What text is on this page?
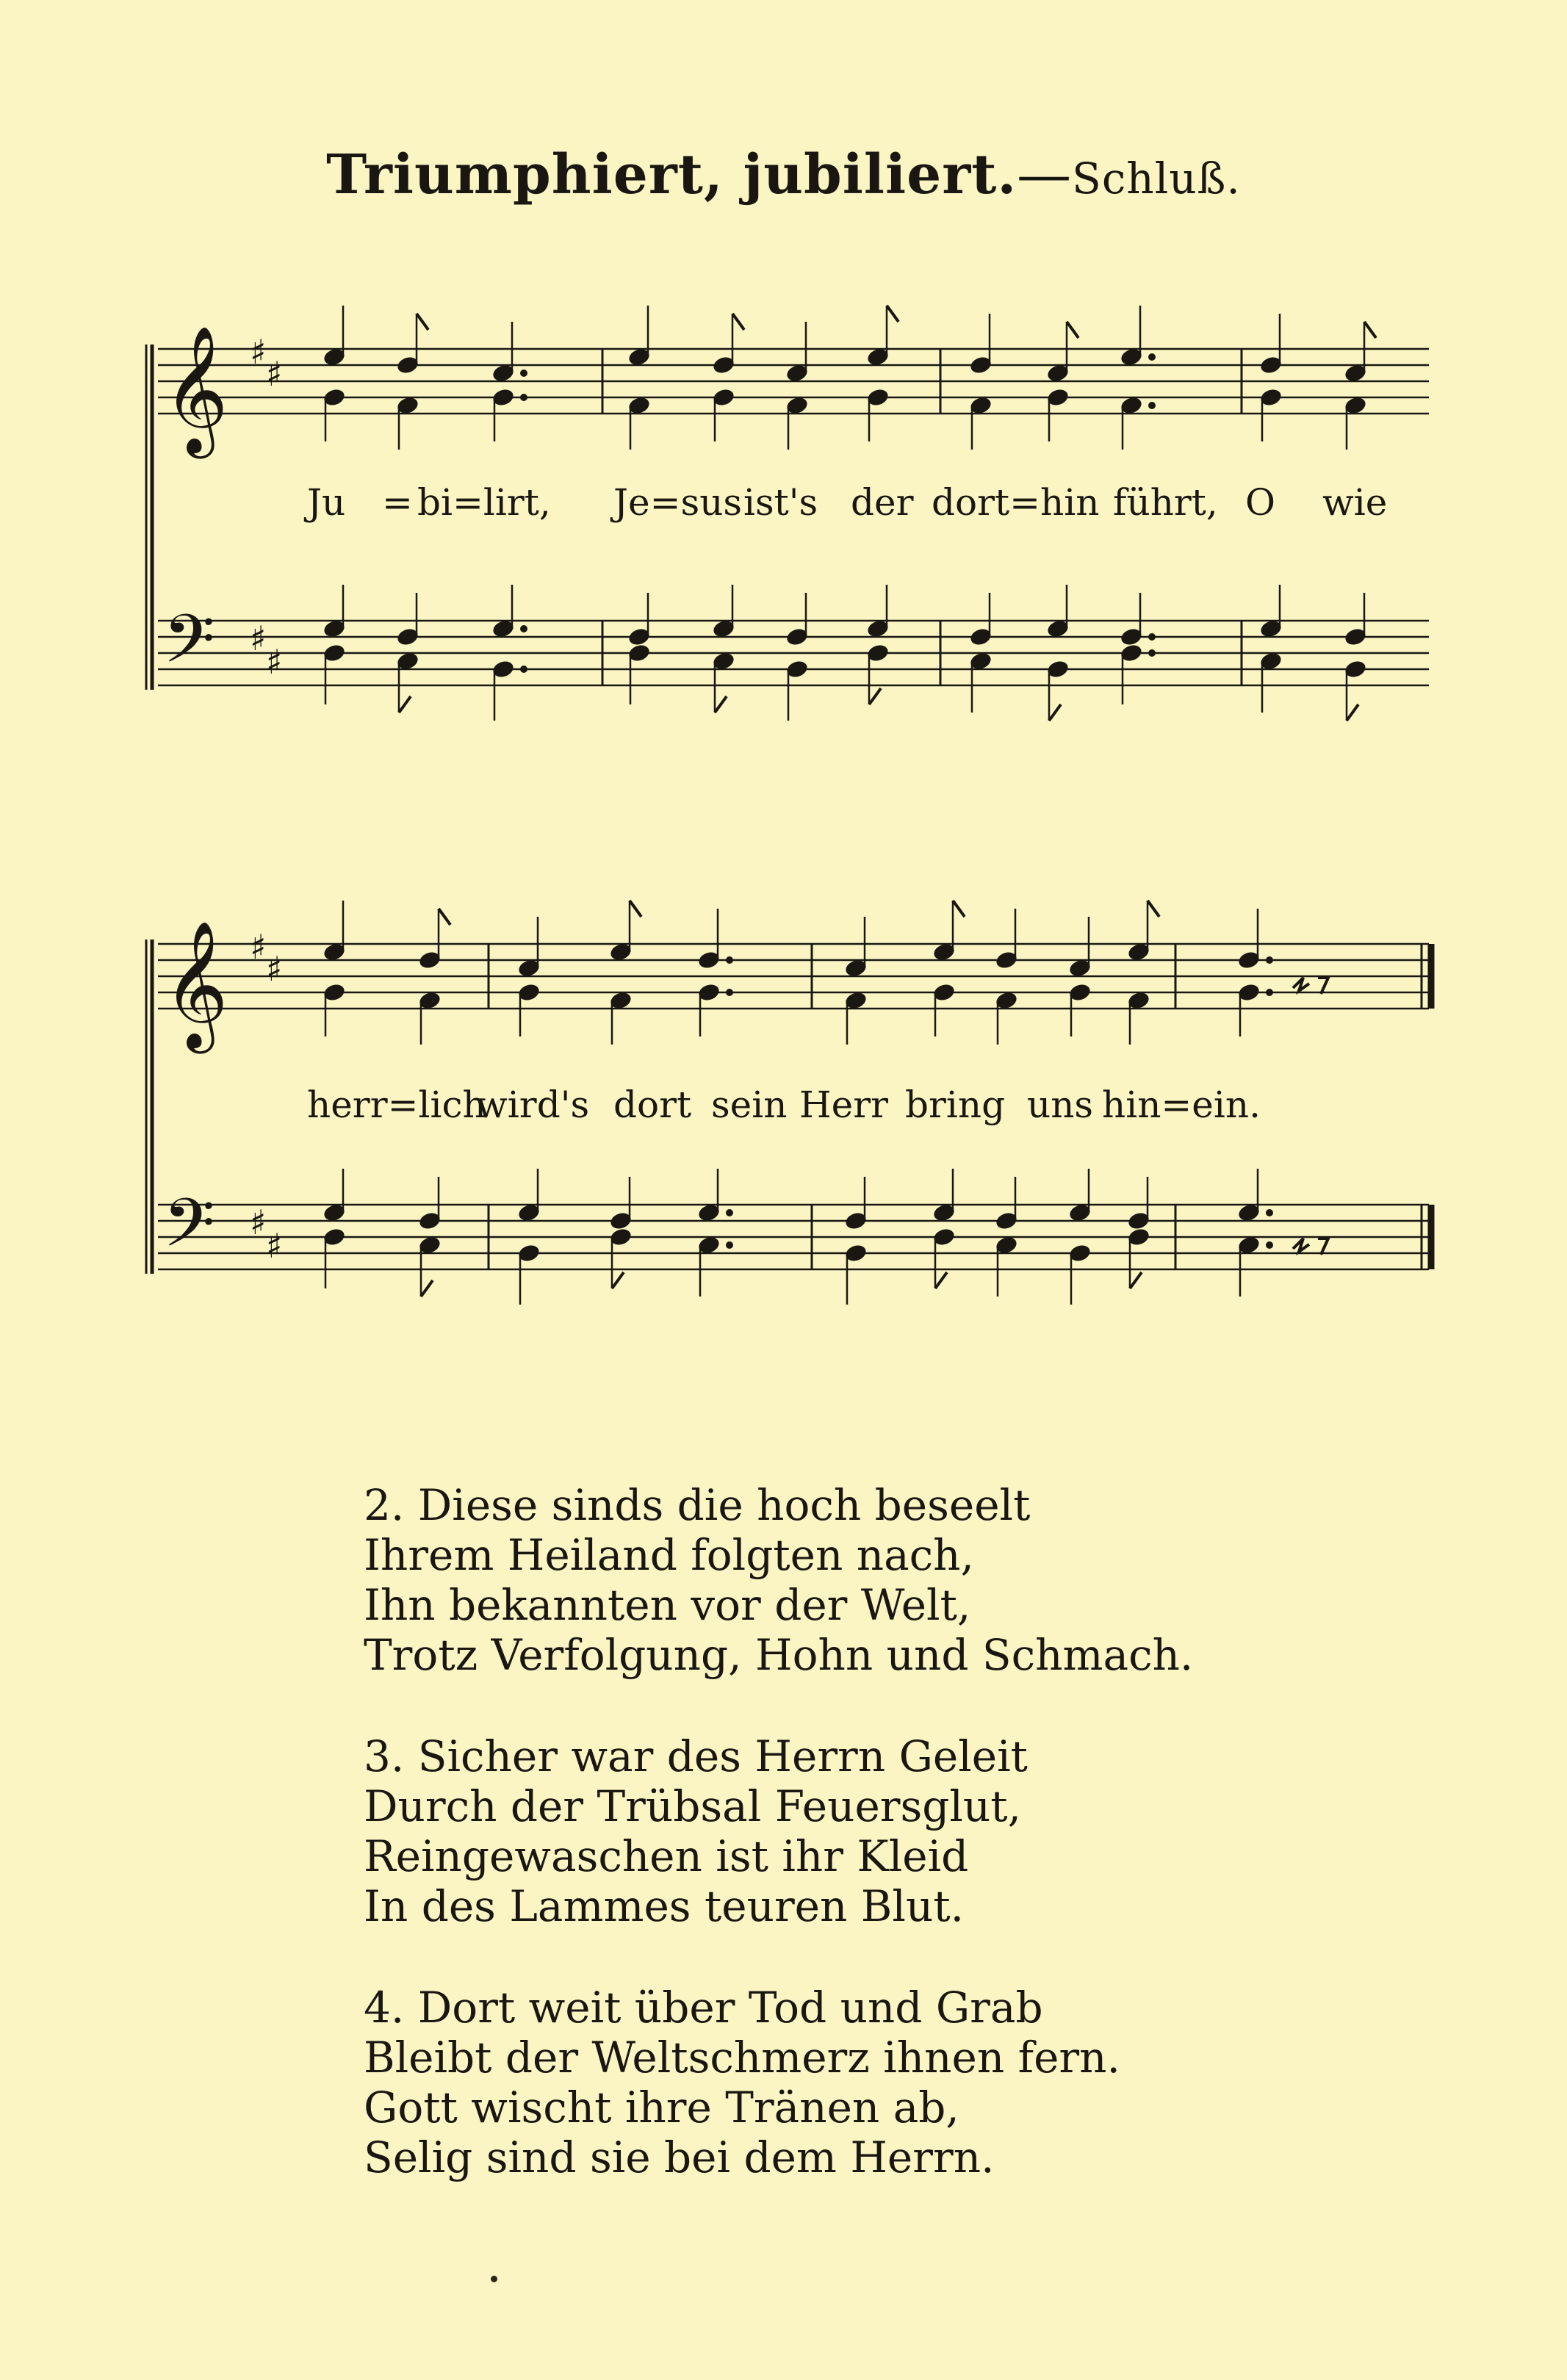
Triumphiert, jubiliert.—Schluß.
𝄞
𝄢
♯
♯
♯
♯
𝄞
𝄢
♯
♯
♯
♯
Ju = bi=lirt, Je=sus ist's der dort=hin führt, O wie
herr=lich
wird's dort sein Herr bring uns hin=ein.
2. Diese sinds die hoch beseelt
Ihrem Heiland folgten nach,
Ihn bekannten vor der Welt,
Trotz Verfolgung, Hohn und Schmach.
3. Sicher war des Herrn Geleit
Durch der Trübsal Feuersglut,
Reingewaschen ist ihr Kleid
In des Lammes teuren Blut.
4. Dort weit über Tod und Grab
Bleibt der Weltschmerz ihnen fern.
Gott wischt ihre Tränen ab,
Selig sind sie bei dem Herrn.
